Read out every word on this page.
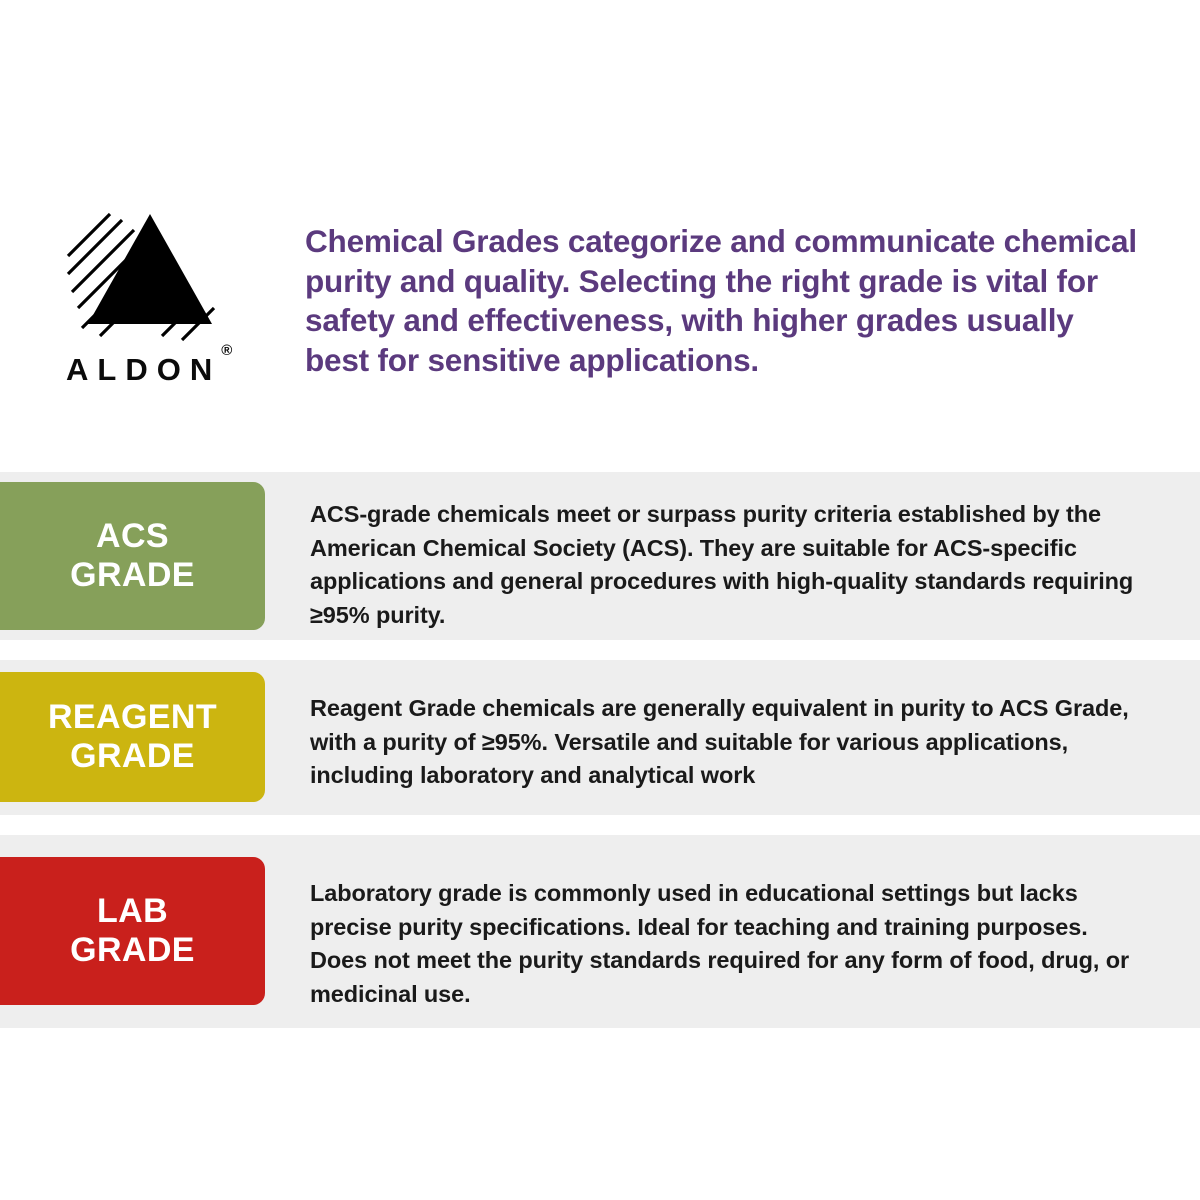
ALDON®
Chemical Grades categorize and communicate chemical purity and quality. Selecting the right grade is vital for safety and effectiveness, with higher grades usually best for sensitive applications.
ACS
GRADE
ACS-grade chemicals meet or surpass purity criteria established by the American Chemical Society (ACS). They are suitable for ACS-specific applications and general procedures with high-quality standards requiring ≥95% purity.
REAGENT
GRADE
Reagent Grade chemicals are generally equivalent in purity to ACS Grade, with a purity of ≥95%. Versatile and suitable for various applications, including laboratory and analytical work
LAB
GRADE
Laboratory grade is commonly used in educational settings but lacks precise purity specifications. Ideal for teaching and training purposes. Does not meet the purity standards required for any form of food, drug, or medicinal use.
